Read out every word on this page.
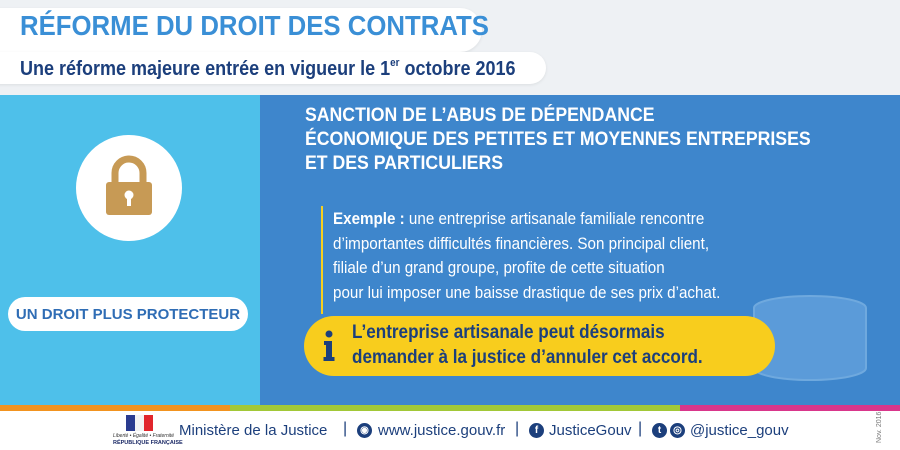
RÉFORME DU DROIT DES CONTRATS
Une réforme majeure entrée en vigueur le 1er octobre 2016
UN DROIT PLUS PROTECTEUR
SANCTION DE L’ABUS DE DÉPENDANCE
ÉCONOMIQUE DES PETITES ET MOYENNES ENTREPRISES
ET DES PARTICULIERS
Exemple : une entreprise artisanale familiale rencontre
d’importantes difficultés financières. Son principal client,
filiale d’un grand groupe, profite de cette situation
pour lui imposer une baisse drastique de ses prix d’achat.
L’entreprise artisanale peut désormais
demander à la justice d’annuler cet accord.
Liberté • Égalité • Fraternité
RÉPUBLIQUE FRANÇAISE
Ministère de la Justice |	◉ www.justice.gouv.fr |	f JusticeGouv |	t	◎ @justice_gouv	Nov. 2016
